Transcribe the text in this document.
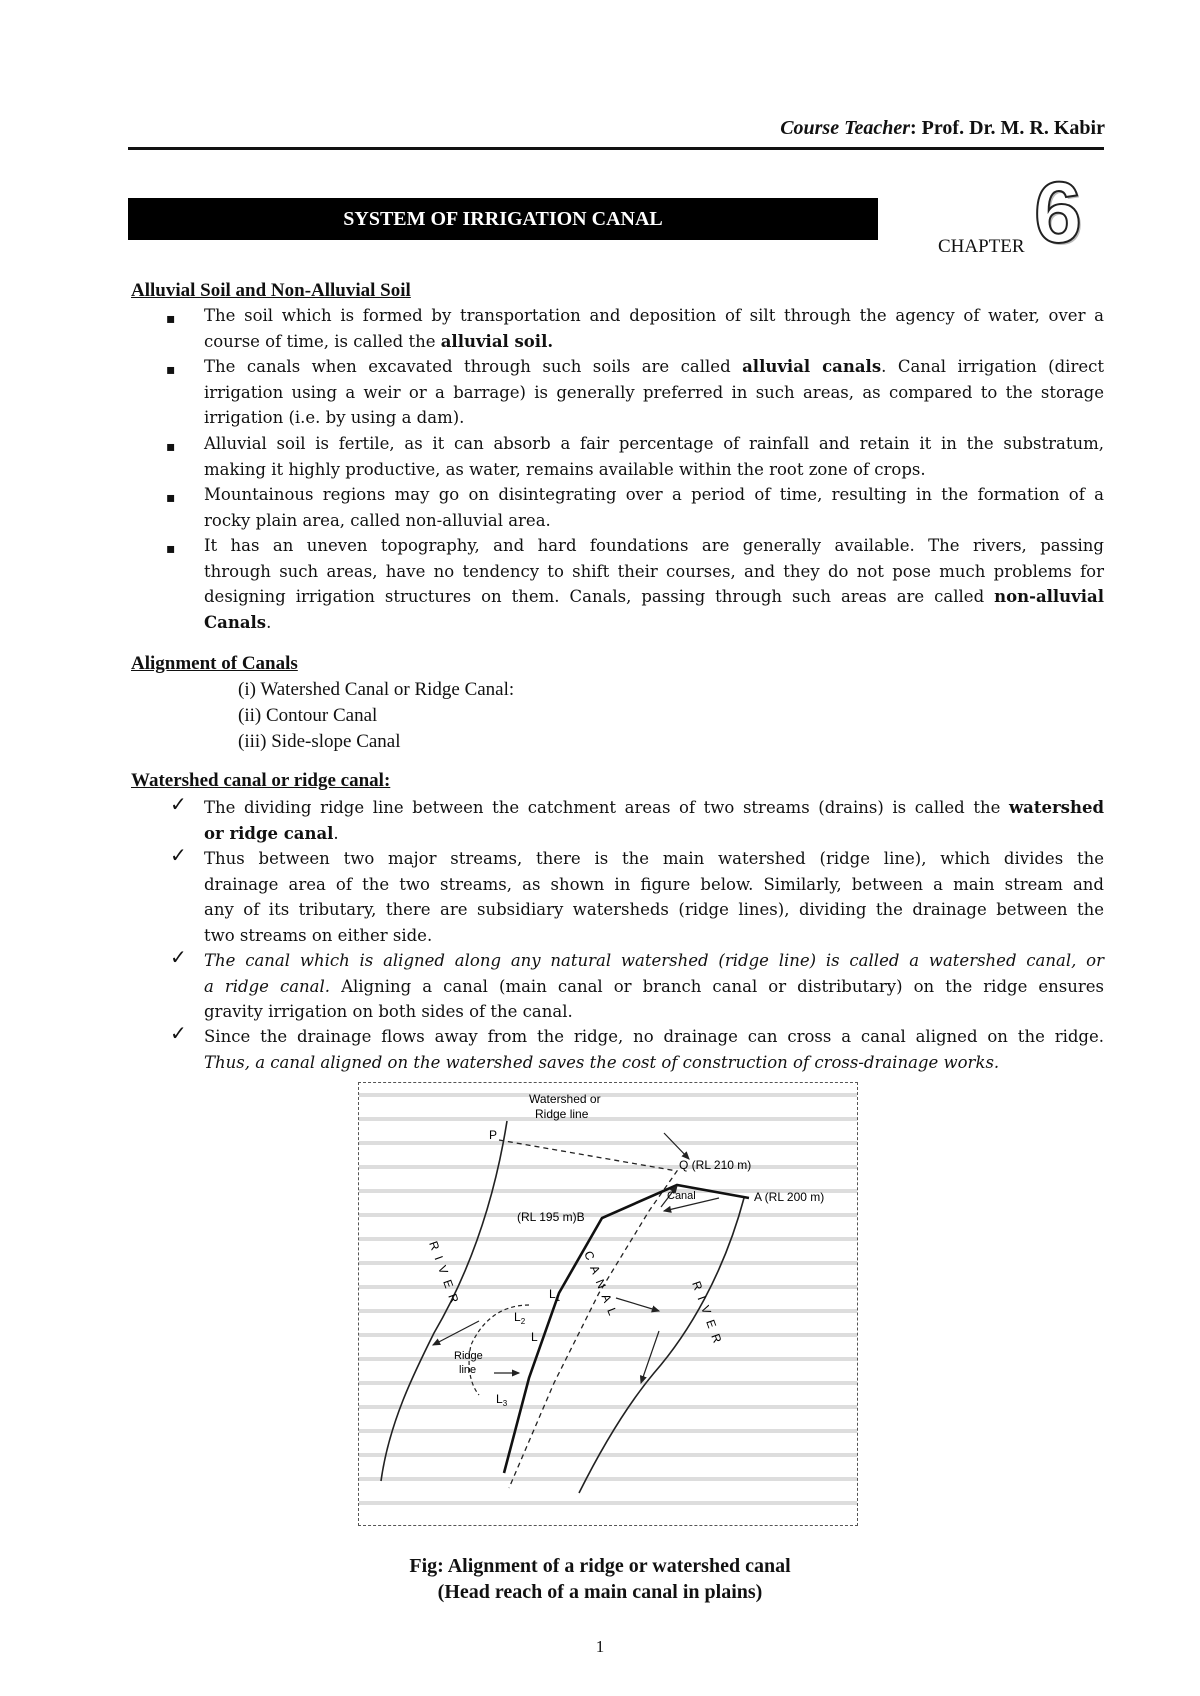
Course Teacher: Prof. Dr. M. R. Kabir
SYSTEM OF IRRIGATION CANAL
CHAPTER 6
Alluvial Soil and Non-Alluvial Soil
▪ The soil which is formed by transportation and deposition of silt through the agency of water, over a
course of time, is called the alluvial soil.
▪ The canals when excavated through such soils are called alluvial canals. Canal irrigation (direct
irrigation using a weir or a barrage) is generally preferred in such areas, as compared to the storage
irrigation (i.e. by using a dam).
▪ Alluvial soil is fertile, as it can absorb a fair percentage of rainfall and retain it in the substratum,
making it highly productive, as water, remains available within the root zone of crops.
▪ Mountainous regions may go on disintegrating over a period of time, resulting in the formation of a
rocky plain area, called non-alluvial area.
▪ It has an uneven topography, and hard foundations are generally available. The rivers, passing
through such areas, have no tendency to shift their courses, and they do not pose much problems for
designing irrigation structures on them. Canals, passing through such areas are called non-alluvial
Canals.
Alignment of Canals
(i) Watershed Canal or Ridge Canal:
(ii) Contour Canal
(iii) Side-slope Canal
Watershed canal or ridge canal:
✓ The dividing ridge line between the catchment areas of two streams (drains) is called the watershed
or ridge canal.
✓ Thus between two major streams, there is the main watershed (ridge line), which divides the
drainage area of the two streams, as shown in figure below. Similarly, between a main stream and
any of its tributary, there are subsidiary watersheds (ridge lines), dividing the drainage between the
two streams on either side.
✓ The canal which is aligned along any natural watershed (ridge line) is called a watershed canal, or
a ridge canal. Aligning a canal (main canal or branch canal or distributary) on the ridge ensures
gravity irrigation on both sides of the canal.
✓ Since the drainage flows away from the ridge, no drainage can cross a canal aligned on the ridge.
Thus, a canal aligned on the watershed saves the cost of construction of cross-drainage works.
Watershed or
Ridge line
P
Q (RL 210 m)
Canal	A (RL 200 m)
(RL 195 m)B
RIVER
RIVER
CANAL
$L_1$
$L_2$
L
$L_3$
Ridge
line
Fig: Alignment of a ridge or watershed canal
(Head reach of a main canal in plains)
1
